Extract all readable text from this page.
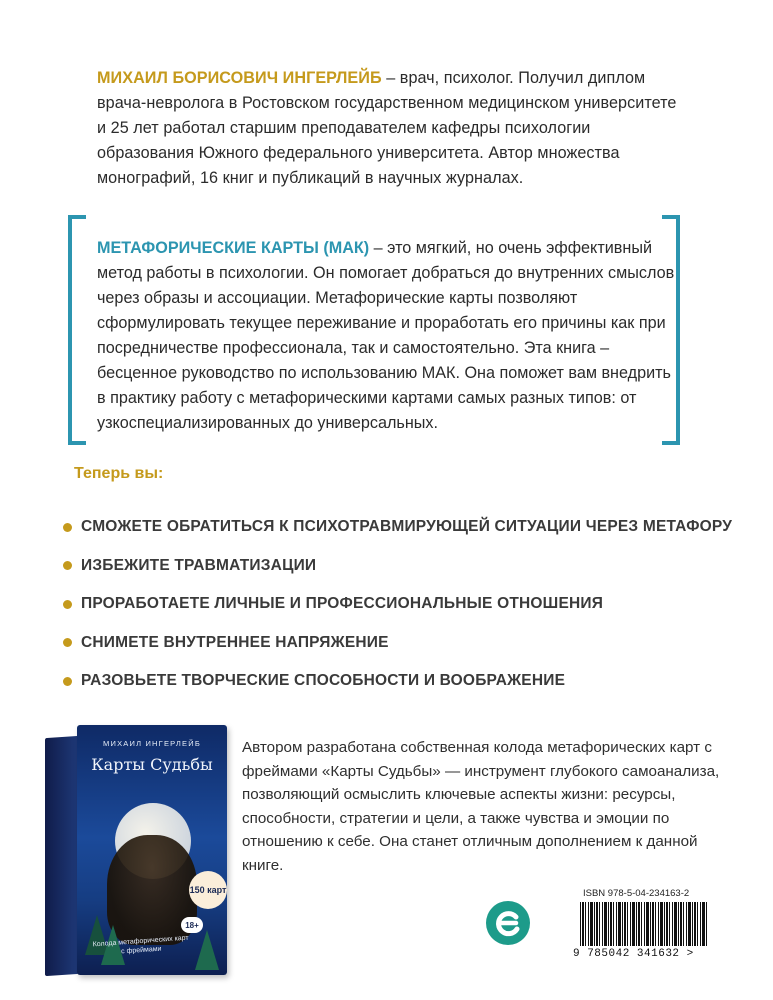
МИХАИЛ БОРИСОВИЧ ИНГЕРЛЕЙБ – врач, психолог. Получил диплом врача-невролога в Ростовском государственном медицинском университете и 25 лет работал старшим преподавателем кафедры психологии образования Южного федерального университета. Автор множества монографий, 16 книг и публикаций в научных журналах.
МЕТАФОРИЧЕСКИЕ КАРТЫ (МАК) – это мягкий, но очень эффективный метод работы в психологии. Он помогает добраться до внутренних смыслов через образы и ассоциации. Метафорические карты позволяют сформулировать текущее переживание и проработать его причины как при посредничестве профессионала, так и самостоятельно. Эта книга – бесценное руководство по использованию МАК. Она поможет вам внедрить в практику работу с метафорическими картами самых разных типов: от узкоспециализированных до универсальных.
Теперь вы:
СМОЖЕТЕ ОБРАТИТЬСЯ К ПСИХОТРАВМИРУЮЩЕЙ СИТУАЦИИ ЧЕРЕЗ МЕТАФОРУ
ИЗБЕЖИТЕ ТРАВМАТИЗАЦИИ
ПРОРАБОТАЕТЕ ЛИЧНЫЕ И ПРОФЕССИОНАЛЬНЫЕ ОТНОШЕНИЯ
СНИМЕТЕ ВНУТРЕННЕЕ НАПРЯЖЕНИЕ
РАЗОВЬЕТЕ ТВОРЧЕСКИЕ СПОСОБНОСТИ И ВООБРАЖЕНИЕ
МИХАИЛ ИНГЕРЛЕЙБ
Карты Судьбы
150 карт
18+
Колода метафорических карт с фреймами
Автором разработана собственная колода метафорических карт с фреймами «Карты Судьбы» — инструмент глубокого самоанализа, позволяющий осмыслить ключевые аспекты жизни: ресурсы, способности, стратегии и цели, а также чувства и эмоции по отношению к себе. Она станет отличным дополнением к данной книге.
ISBN 978-5-04-234163-2
9 785042 341632 >
